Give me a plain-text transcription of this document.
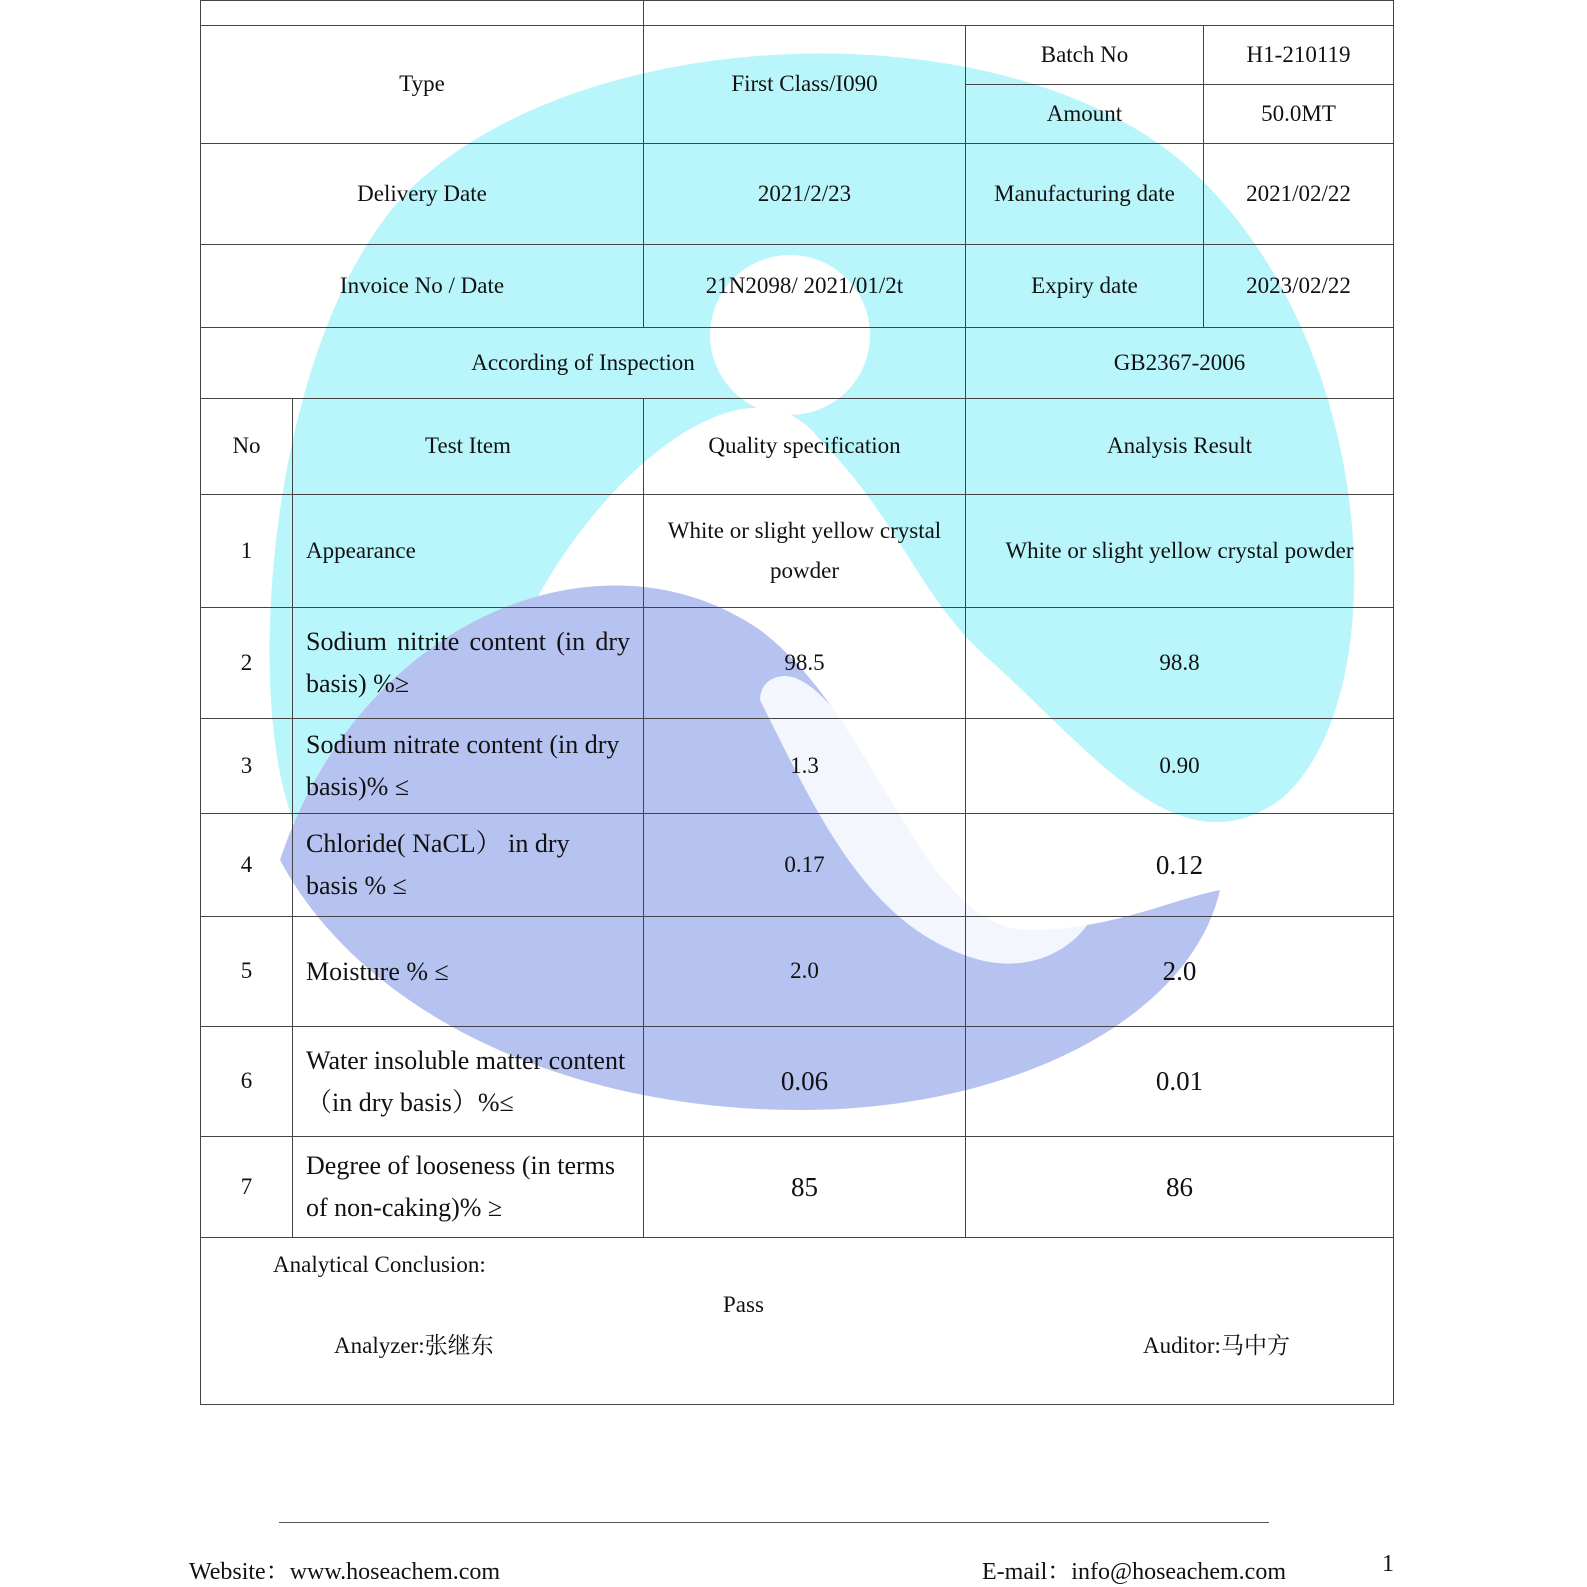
Type		First Class/I090	Batch No	H1-210119
			Amount	50.0MT
Delivery Date		2021/2/23	Manufacturing date	2021/02/22
Invoice No / Date		21N2098/ 2021/01/2t	Expiry date	2023/02/22
According of Inspection			GB2367-2006	
No	Test Item	Quality specification	Analysis Result	
1	Appearance	White or slight yellow crystal powder	White or slight yellow crystal powder	
2	Sodium nitrite content (in dry basis) %≥	98.5	98.8	
3	Sodium nitrate content (in dry basis)% ≤	1.3	0.90	
4	Chloride( NaCL） in dry basis % ≤	0.17	0.12	
5	Moisture % ≤	2.0	2.0	
6	Water insoluble matter content（in dry basis）%≤	0.06	0.01	
7	Degree of looseness (in terms of non-caking)% ≥	85	86	

Analytical Conclusion:
Pass
Analyzer:张继东 Auditor:马中方				
Website：www.hoseachem.com	E-mail：info@hoseachem.com	1
